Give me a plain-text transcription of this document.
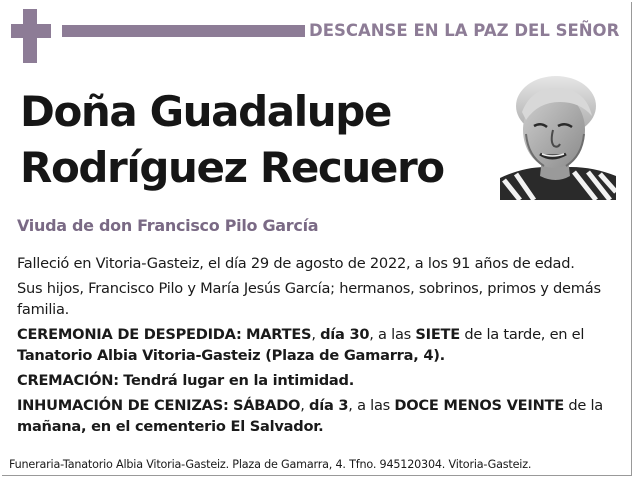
DESCANSE EN LA PAZ DEL SEÑOR
Doña Guadalupe
Rodríguez Recuero
Viuda de don Francisco Pilo García

Falleció en Vitoria-Gasteiz, el día 29 de agosto de 2022, a los 91 años de edad.

Sus hijos, Francisco Pilo y María Jesús García; hermanos, sobrinos, primos y demás familia.

CEREMONIA DE DESPEDIDA: MARTES, día 30, a las SIETE de la tarde, en el Tanatorio Albia Vitoria-Gasteiz (Plaza de Gamarra, 4).

CREMACIÓN: Tendrá lugar en la intimidad.

INHUMACIÓN DE CENIZAS: SÁBADO, día 3, a las DOCE MENOS VEINTE de la mañana, en el cementerio El Salvador.

Funeraria-Tanatorio Albia Vitoria-Gasteiz. Plaza de Gamarra, 4. Tfno. 945120304. Vitoria-Gasteiz.
